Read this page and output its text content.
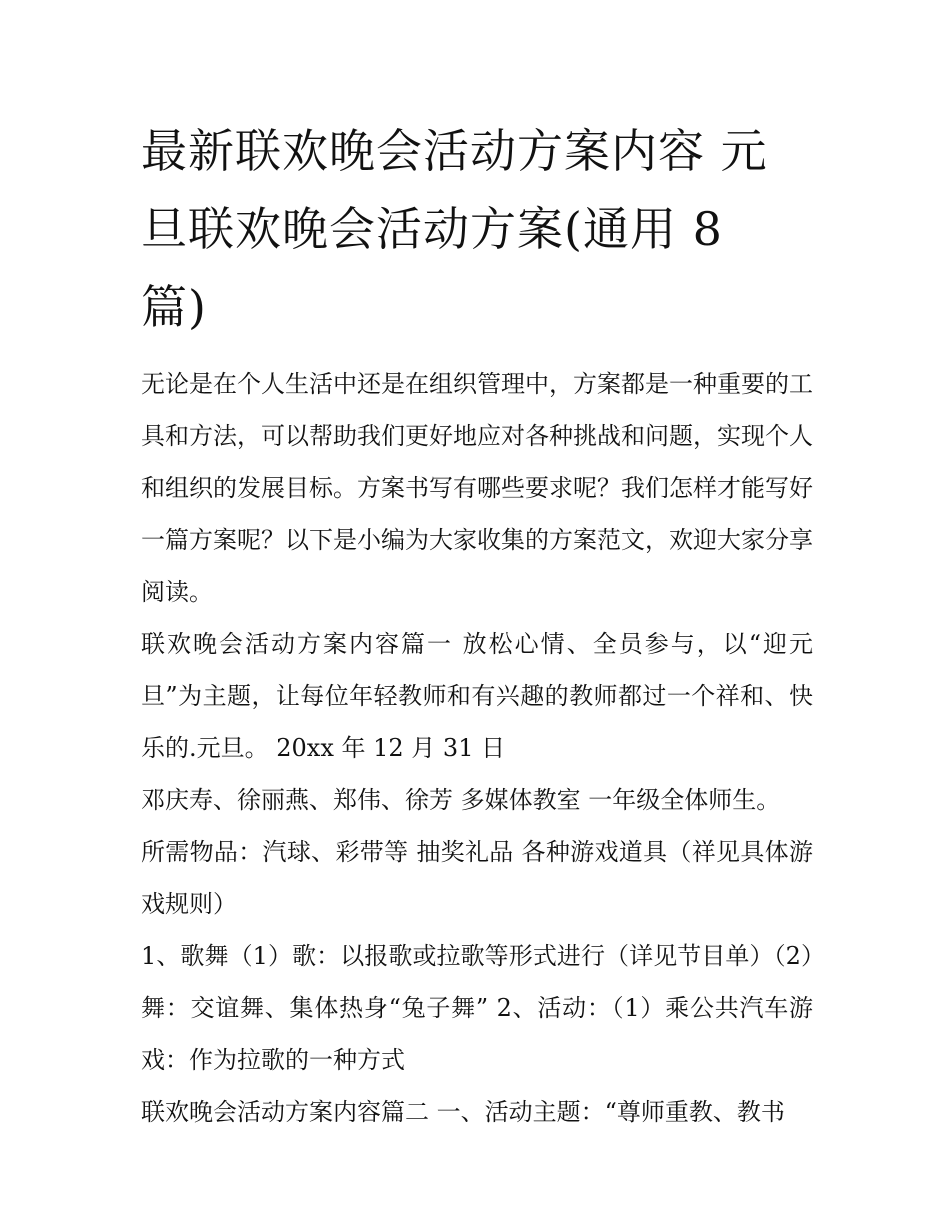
最新联欢晚会活动方案内容 元
旦联欢晚会活动方案(通用 8
篇)

无论是在个人生活中还是在组织管理中，方案都是一种重要的工具和方法，可以帮助我们更好地应对各种挑战和问题，实现个人和组织的发展目标。方案书写有哪些要求呢？我们怎样才能写好一篇方案呢？以下是小编为大家收集的方案范文，欢迎大家分享阅读。

联欢晚会活动方案内容篇一 放松心情、全员参与，以“迎元旦”为主题，让每位年轻教师和有兴趣的教师都过一个祥和、快乐的.元旦。 20xx 年 12 月 31 日

邓庆寿、徐丽燕、郑伟、徐芳 多媒体教室 一年级全体师生。

所需物品：汽球、彩带等 抽奖礼品 各种游戏道具（祥见具体游戏规则）

1、歌舞（1）歌：以报歌或拉歌等形式进行（详见节目单）（2）舞：交谊舞、集体热身“兔子舞” 2、活动：（1）乘公共汽车游戏：作为拉歌的一种方式

联欢晚会活动方案内容篇二 一、活动主题：“尊师重教、教书
